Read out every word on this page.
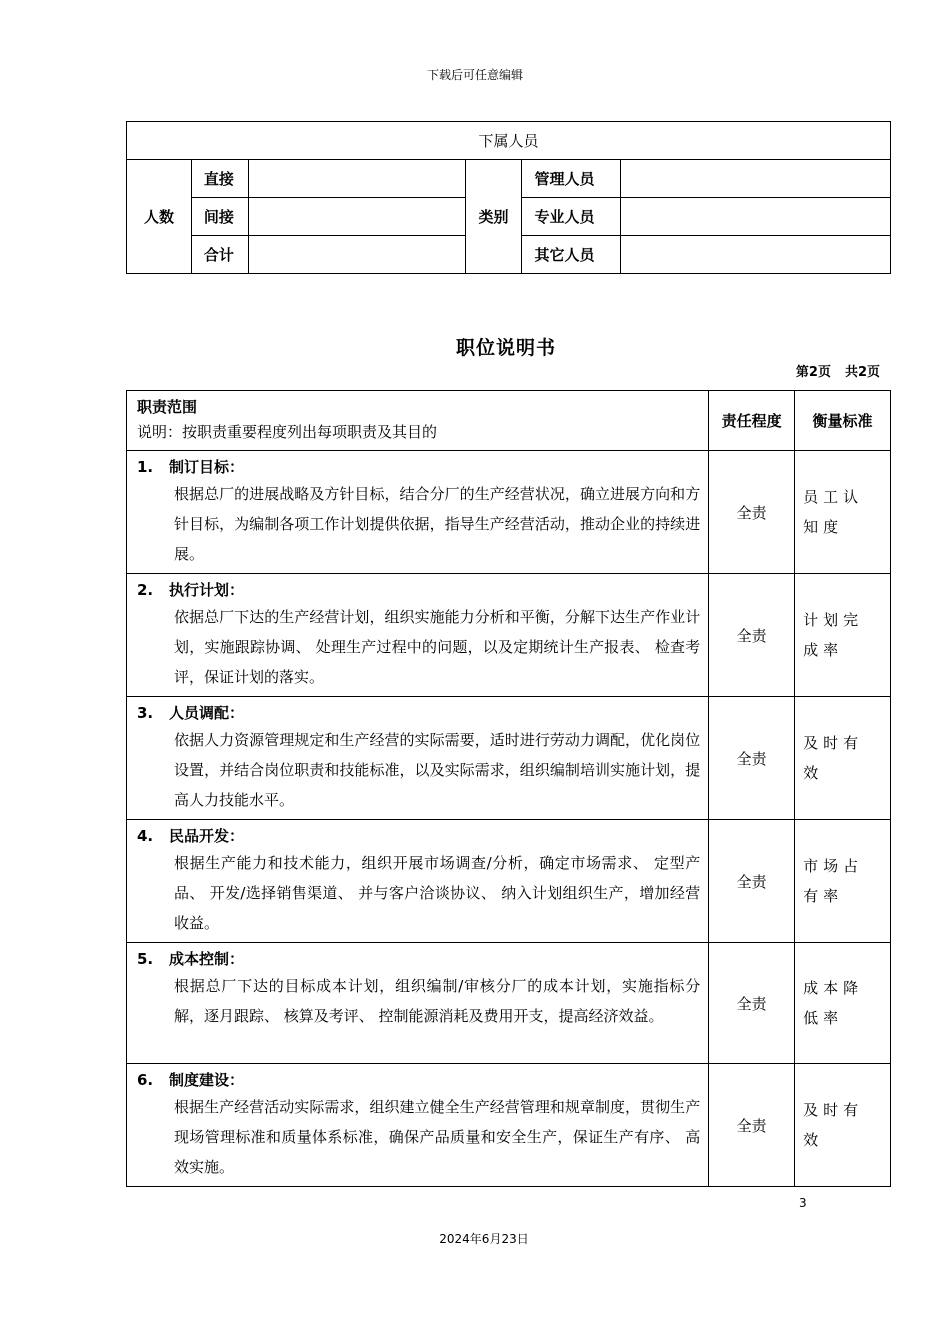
下载后可任意编辑
下属人员					
人数	直接		类别	管理人员	
	间接			专业人员	
	合计			其它人员	
职位说明书
第2页 共2页
职责范围
说明：按职责重要程度列出每项职责及其目的	责任程度	衡量标准

1. 制订目标：
根据总厂的进展战略及方针目标，结合分厂的生产经营状况，确立进展方向和方针目标，为编制各项工作计划提供依据，指导生产经营活动，推动企业的持续进展。	全责	员工认知度

2. 执行计划：
依据总厂下达的生产经营计划，组织实施能力分析和平衡，分解下达生产作业计划，实施跟踪协调、 处理生产过程中的问题，以及定期统计生产报表、 检查考评，保证计划的落实。	全责	计划完成率

3. 人员调配：
依据人力资源管理规定和生产经营的实际需要，适时进行劳动力调配，优化岗位设置，并结合岗位职责和技能标准，以及实际需求，组织编制培训实施计划，提高人力技能水平。	全责	及时有效

4. 民品开发：
根据生产能力和技术能力，组织开展市场调查/分析，确定市场需求、 定型产品、 开发/选择销售渠道、 并与客户洽谈协议、 纳入计划组织生产，增加经营收益。	全责	市场占有率

5. 成本控制：
根据总厂下达的目标成本计划，组织编制/审核分厂的成本计划，实施指标分解，逐月跟踪、 核算及考评、 控制能源消耗及费用开支，提高经济效益。	全责	成本降低率

6. 制度建设：
根据生产经营活动实际需求，组织建立健全生产经营管理和规章制度，贯彻生产现场管理标准和质量体系标准，确保产品质量和安全生产，保证生产有序、 高效实施。	全责	及时有效
3
2024年6月23日
